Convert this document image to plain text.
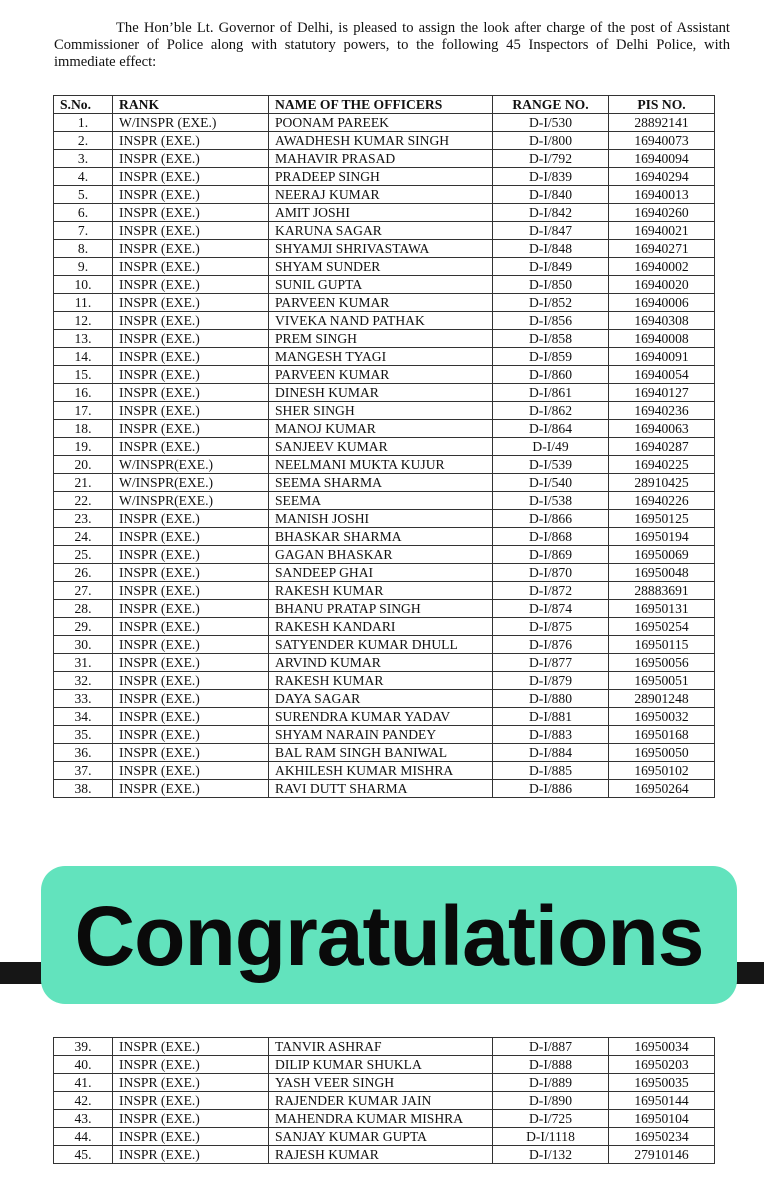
The Hon’ble Lt. Governor of Delhi, is pleased to assign the look after charge of the post of Assistant Commissioner of Police along with statutory powers, to the following 45 Inspectors of Delhi Police, with immediate effect:
S.No.	RANK	NAME OF THE OFFICERS	RANGE NO.	PIS NO.
1.	W/INSPR (EXE.)	POONAM PAREEK	D-I/530	28892141
2.	INSPR (EXE.)	AWADHESH KUMAR SINGH	D-I/800	16940073
3.	INSPR (EXE.)	MAHAVIR PRASAD	D-I/792	16940094
4.	INSPR (EXE.)	PRADEEP SINGH	D-I/839	16940294
5.	INSPR (EXE.)	NEERAJ KUMAR	D-I/840	16940013
6.	INSPR (EXE.)	AMIT JOSHI	D-I/842	16940260
7.	INSPR (EXE.)	KARUNA SAGAR	D-I/847	16940021
8.	INSPR (EXE.)	SHYAMJI SHRIVASTAWA	D-I/848	16940271
9.	INSPR (EXE.)	SHYAM SUNDER	D-I/849	16940002
10.	INSPR (EXE.)	SUNIL GUPTA	D-I/850	16940020
11.	INSPR (EXE.)	PARVEEN KUMAR	D-I/852	16940006
12.	INSPR (EXE.)	VIVEKA NAND PATHAK	D-I/856	16940308
13.	INSPR (EXE.)	PREM SINGH	D-I/858	16940008
14.	INSPR (EXE.)	MANGESH TYAGI	D-I/859	16940091
15.	INSPR (EXE.)	PARVEEN KUMAR	D-I/860	16940054
16.	INSPR (EXE.)	DINESH KUMAR	D-I/861	16940127
17.	INSPR (EXE.)	SHER SINGH	D-I/862	16940236
18.	INSPR (EXE.)	MANOJ KUMAR	D-I/864	16940063
19.	INSPR (EXE.)	SANJEEV KUMAR	D-I/49	16940287
20.	W/INSPR(EXE.)	NEELMANI MUKTA KUJUR	D-I/539	16940225
21.	W/INSPR(EXE.)	SEEMA SHARMA	D-I/540	28910425
22.	W/INSPR(EXE.)	SEEMA	D-I/538	16940226
23.	INSPR (EXE.)	MANISH JOSHI	D-I/866	16950125
24.	INSPR (EXE.)	BHASKAR SHARMA	D-I/868	16950194
25.	INSPR (EXE.)	GAGAN BHASKAR	D-I/869	16950069
26.	INSPR (EXE.)	SANDEEP GHAI	D-I/870	16950048
27.	INSPR (EXE.)	RAKESH KUMAR	D-I/872	28883691
28.	INSPR (EXE.)	BHANU PRATAP SINGH	D-I/874	16950131
29.	INSPR (EXE.)	RAKESH KANDARI	D-I/875	16950254
30.	INSPR (EXE.)	SATYENDER KUMAR DHULL	D-I/876	16950115
31.	INSPR (EXE.)	ARVIND KUMAR	D-I/877	16950056
32.	INSPR (EXE.)	RAKESH KUMAR	D-I/879	16950051
33.	INSPR (EXE.)	DAYA SAGAR	D-I/880	28901248
34.	INSPR (EXE.)	SURENDRA KUMAR YADAV	D-I/881	16950032
35.	INSPR (EXE.)	SHYAM NARAIN PANDEY	D-I/883	16950168
36.	INSPR (EXE.)	BAL RAM SINGH BANIWAL	D-I/884	16950050
37.	INSPR (EXE.)	AKHILESH KUMAR MISHRA	D-I/885	16950102
38.	INSPR (EXE.)	RAVI DUTT SHARMA	D-I/886	16950264
Congratulations
39.	INSPR (EXE.)	TANVIR ASHRAF	D-I/887	16950034
40.	INSPR (EXE.)	DILIP KUMAR SHUKLA	D-I/888	16950203
41.	INSPR (EXE.)	YASH VEER SINGH	D-I/889	16950035
42.	INSPR (EXE.)	RAJENDER KUMAR JAIN	D-I/890	16950144
43.	INSPR (EXE.)	MAHENDRA KUMAR MISHRA	D-I/725	16950104
44.	INSPR (EXE.)	SANJAY KUMAR GUPTA	D-I/1118	16950234
45.	INSPR (EXE.)	RAJESH KUMAR	D-I/132	27910146
